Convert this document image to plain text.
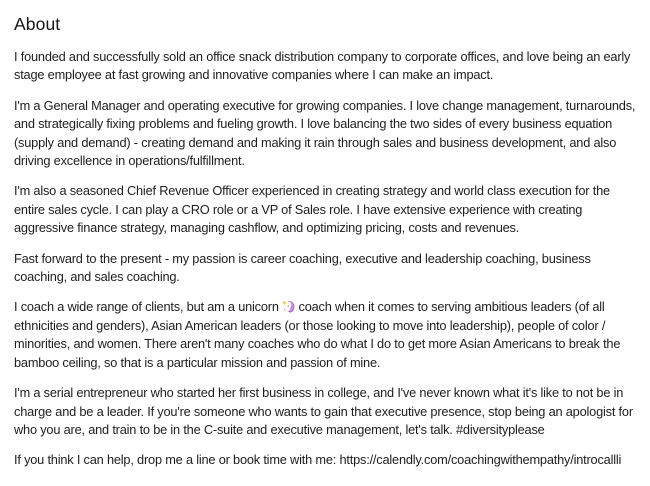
About

I founded and successfully sold an office snack distribution company to corporate offices, and love being an early stage employee at fast growing and innovative companies where I can make an impact.

I'm a General Manager and operating executive for growing companies. I love change management, turnarounds, and strategically fixing problems and fueling growth. I love balancing the two sides of every business equation (supply and demand) - creating demand and making it rain through sales and business development, and also driving excellence in operations/fulfillment.

I'm also a seasoned Chief Revenue Officer experienced in creating strategy and world class execution for the entire sales cycle. I can play a CRO role or a VP of Sales role. I have extensive experience with creating aggressive finance strategy, managing cashflow, and optimizing pricing, costs and revenues.

Fast forward to the present - my passion is career coaching, executive and leadership coaching, business coaching, and sales coaching.

I coach a wide range of clients, but am a unicorn
coach when it comes to serving ambitious leaders (of all ethnicities and genders), Asian American leaders (or those looking to move into leadership), people of color / minorities, and women. There aren't many coaches who do what I do to get more Asian Americans to break the bamboo ceiling, so that is a particular mission and passion of mine.

I'm a serial entrepreneur who started her first business in college, and I've never known what it's like to not be in charge and be a leader. If you're someone who wants to gain that executive presence, stop being an apologist for who you are, and train to be in the C-suite and executive management, let's talk. #diversityplease

If you think I can help, drop me a line or book time with me: https://calendly.com/coachingwithempathy/introcallli
